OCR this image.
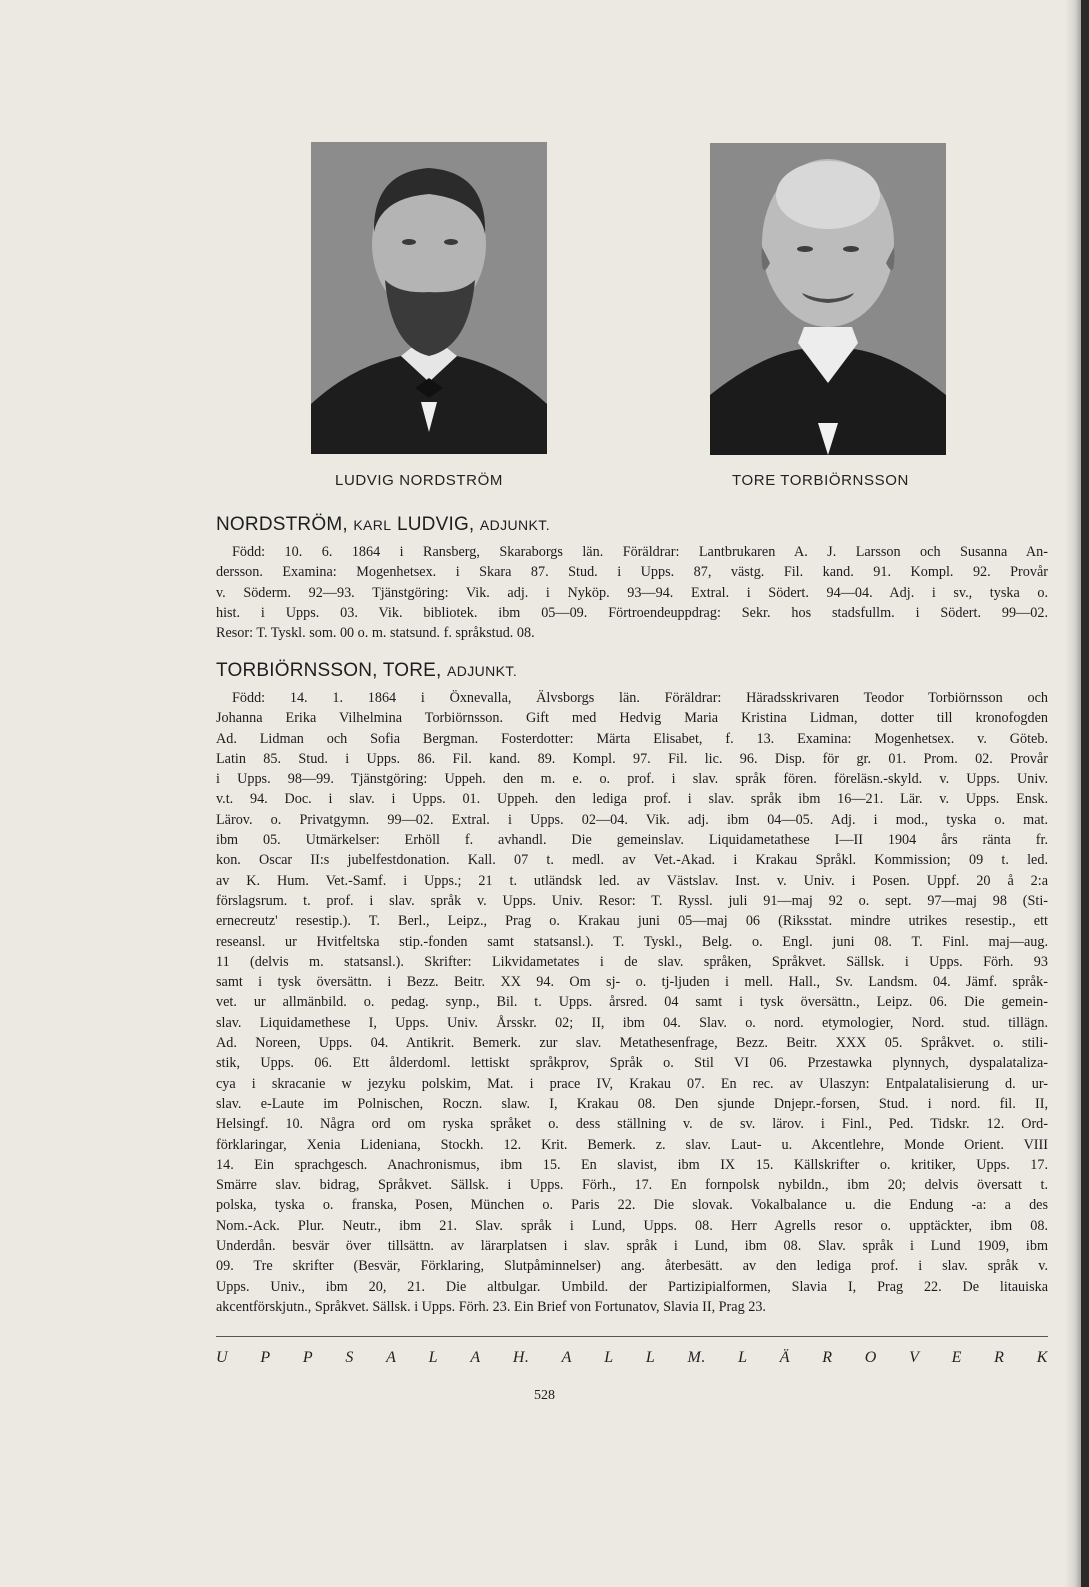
LUDVIG NORDSTRÖM	TORE TORBIÖRNSSON
NORDSTRÖM, KARL LUDVIG, ADJUNKT.
Född: 10. 6. 1864 i Ransberg, Skaraborgs län. Föräldrar: Lantbrukaren A. J. Larsson och Susanna An-
dersson. Examina: Mogenhetsex. i Skara 87. Stud. i Upps. 87, västg. Fil. kand. 91. Kompl. 92. Provår
v. Söderm. 92—93. Tjänstgöring: Vik. adj. i Nyköp. 93—94. Extral. i Södert. 94—04. Adj. i sv., tyska o.
hist. i Upps. 03. Vik. bibliotek. ibm 05—09. Förtroendeuppdrag: Sekr. hos stadsfullm. i Södert. 99—02.
Resor: T. Tyskl. som. 00 o. m. statsund. f. språkstud. 08.
TORBIÖRNSSON, TORE, ADJUNKT.
Född: 14. 1. 1864 i Öxnevalla, Älvsborgs län. Föräldrar: Häradsskrivaren Teodor Torbiörnsson och
Johanna Erika Vilhelmina Torbiörnsson. Gift med Hedvig Maria Kristina Lidman, dotter till kronofogden
Ad. Lidman och Sofia Bergman. Fosterdotter: Märta Elisabet, f. 13. Examina: Mogenhetsex. v. Göteb.
Latin 85. Stud. i Upps. 86. Fil. kand. 89. Kompl. 97. Fil. lic. 96. Disp. för gr. 01. Prom. 02. Provår
i Upps. 98—99. Tjänstgöring: Uppeh. den m. e. o. prof. i slav. språk fören. föreläsn.-skyld. v. Upps. Univ.
v.t. 94. Doc. i slav. i Upps. 01. Uppeh. den lediga prof. i slav. språk ibm 16—21. Lär. v. Upps. Ensk.
Lärov. o. Privatgymn. 99—02. Extral. i Upps. 02—04. Vik. adj. ibm 04—05. Adj. i mod., tyska o. mat.
ibm 05. Utmärkelser: Erhöll f. avhandl. Die gemeinslav. Liquidametathese I—II 1904 års ränta fr.
kon. Oscar II:s jubelfestdonation. Kall. 07 t. medl. av Vet.-Akad. i Krakau Språkl. Kommission; 09 t. led.
av K. Hum. Vet.-Samf. i Upps.; 21 t. utländsk led. av Västslav. Inst. v. Univ. i Posen. Uppf. 20 å 2:a
förslagsrum. t. prof. i slav. språk v. Upps. Univ. Resor: T. Ryssl. juli 91—maj 92 o. sept. 97—maj 98 (Sti-
ernecreutz' resestip.). T. Berl., Leipz., Prag o. Krakau juni 05—maj 06 (Riksstat. mindre utrikes resestip., ett
reseansl. ur Hvitfeltska stip.-fonden samt statsansl.). T. Tyskl., Belg. o. Engl. juni 08. T. Finl. maj—aug.
11 (delvis m. statsansl.). Skrifter: Likvidametates i de slav. språken, Språkvet. Sällsk. i Upps. Förh. 93
samt i tysk översättn. i Bezz. Beitr. XX 94. Om sj- o. tj-ljuden i mell. Hall., Sv. Landsm. 04. Jämf. språk-
vet. ur allmänbild. o. pedag. synp., Bil. t. Upps. årsred. 04 samt i tysk översättn., Leipz. 06. Die gemein-
slav. Liquidamethese I, Upps. Univ. Årsskr. 02; II, ibm 04. Slav. o. nord. etymologier, Nord. stud. tillägn.
Ad. Noreen, Upps. 04. Antikrit. Bemerk. zur slav. Metathesenfrage, Bezz. Beitr. XXX 05. Språkvet. o. stili-
stik, Upps. 06. Ett ålderdoml. lettiskt språkprov, Språk o. Stil VI 06. Przestawka plynnych, dyspalataliza-
cya i skracanie w jezyku polskim, Mat. i prace IV, Krakau 07. En rec. av Ulaszyn: Entpalatalisierung d. ur-
slav. e-Laute im Polnischen, Roczn. slaw. I, Krakau 08. Den sjunde Dnjepr.-forsen, Stud. i nord. fil. II,
Helsingf. 10. Några ord om ryska språket o. dess ställning v. de sv. lärov. i Finl., Ped. Tidskr. 12. Ord-
förklaringar, Xenia Lideniana, Stockh. 12. Krit. Bemerk. z. slav. Laut- u. Akcentlehre, Monde Orient. VIII
14. Ein sprachgesch. Anachronismus, ibm 15. En slavist, ibm IX 15. Källskrifter o. kritiker, Upps. 17.
Smärre slav. bidrag, Språkvet. Sällsk. i Upps. Förh., 17. En fornpolsk nybildn., ibm 20; delvis översatt t.
polska, tyska o. franska, Posen, München o. Paris 22. Die slovak. Vokalbalance u. die Endung -a: a des
Nom.-Ack. Plur. Neutr., ibm 21. Slav. språk i Lund, Upps. 08. Herr Agrells resor o. upptäckter, ibm 08.
Underdån. besvär över tillsättn. av lärarplatsen i slav. språk i Lund, ibm 08. Slav. språk i Lund 1909, ibm
09. Tre skrifter (Besvär, Förklaring, Slutpåminnelser) ang. återbesätt. av den lediga prof. i slav. språk v.
Upps. Univ., ibm 20, 21. Die altbulgar. Umbild. der Partizipialformen, Slavia I, Prag 22. De litauiska
akcentförskjutn., Språkvet. Sällsk. i Upps. Förh. 23. Ein Brief von Fortunatov, Slavia II, Prag 23.
U P P S A L A H. A L L M. L Ä R O V E R K
528
